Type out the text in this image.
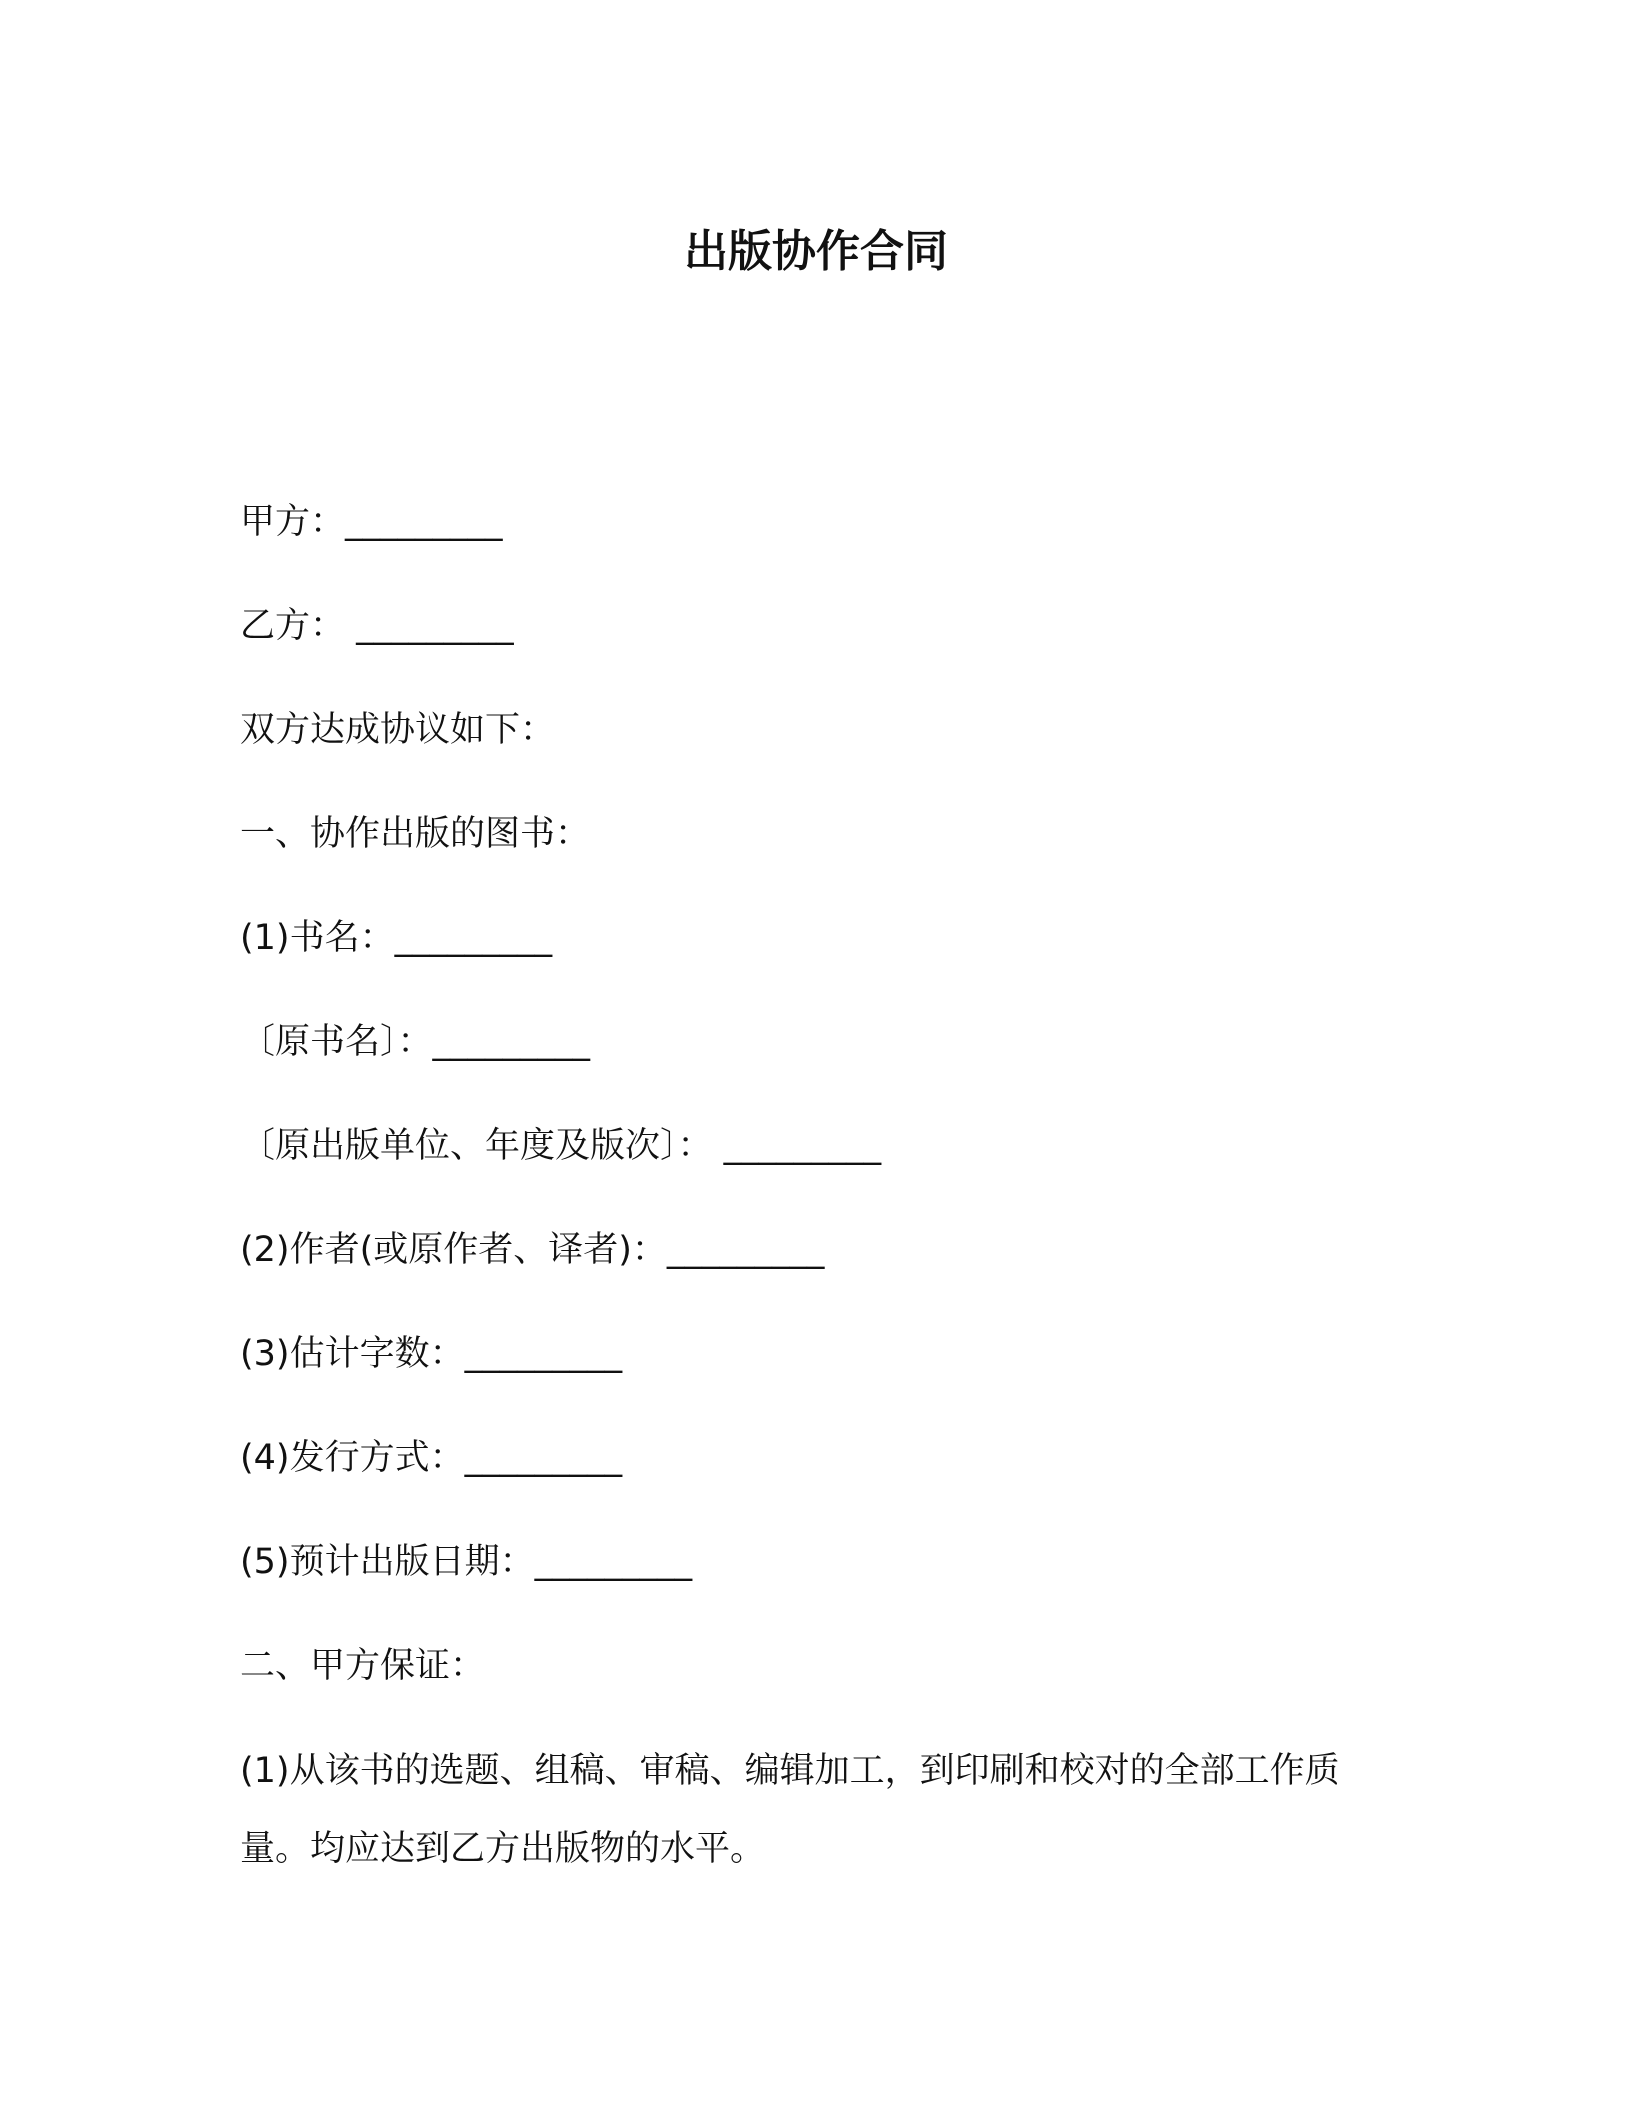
出版协作合同

甲方：_________

乙方： _________

双方达成协议如下：

一、协作出版的图书：

(1)书名：_________

〔原书名〕：_________

〔原出版单位、年度及版次〕： _________

(2)作者(或原作者、译者)：_________

(3)估计字数：_________

(4)发行方式：_________

(5)预计出版日期：_________

二、甲方保证：

(1)从该书的选题、组稿、审稿、编辑加工，到印刷和校对的全部工作质量。均应达到乙方出版物的水平。
